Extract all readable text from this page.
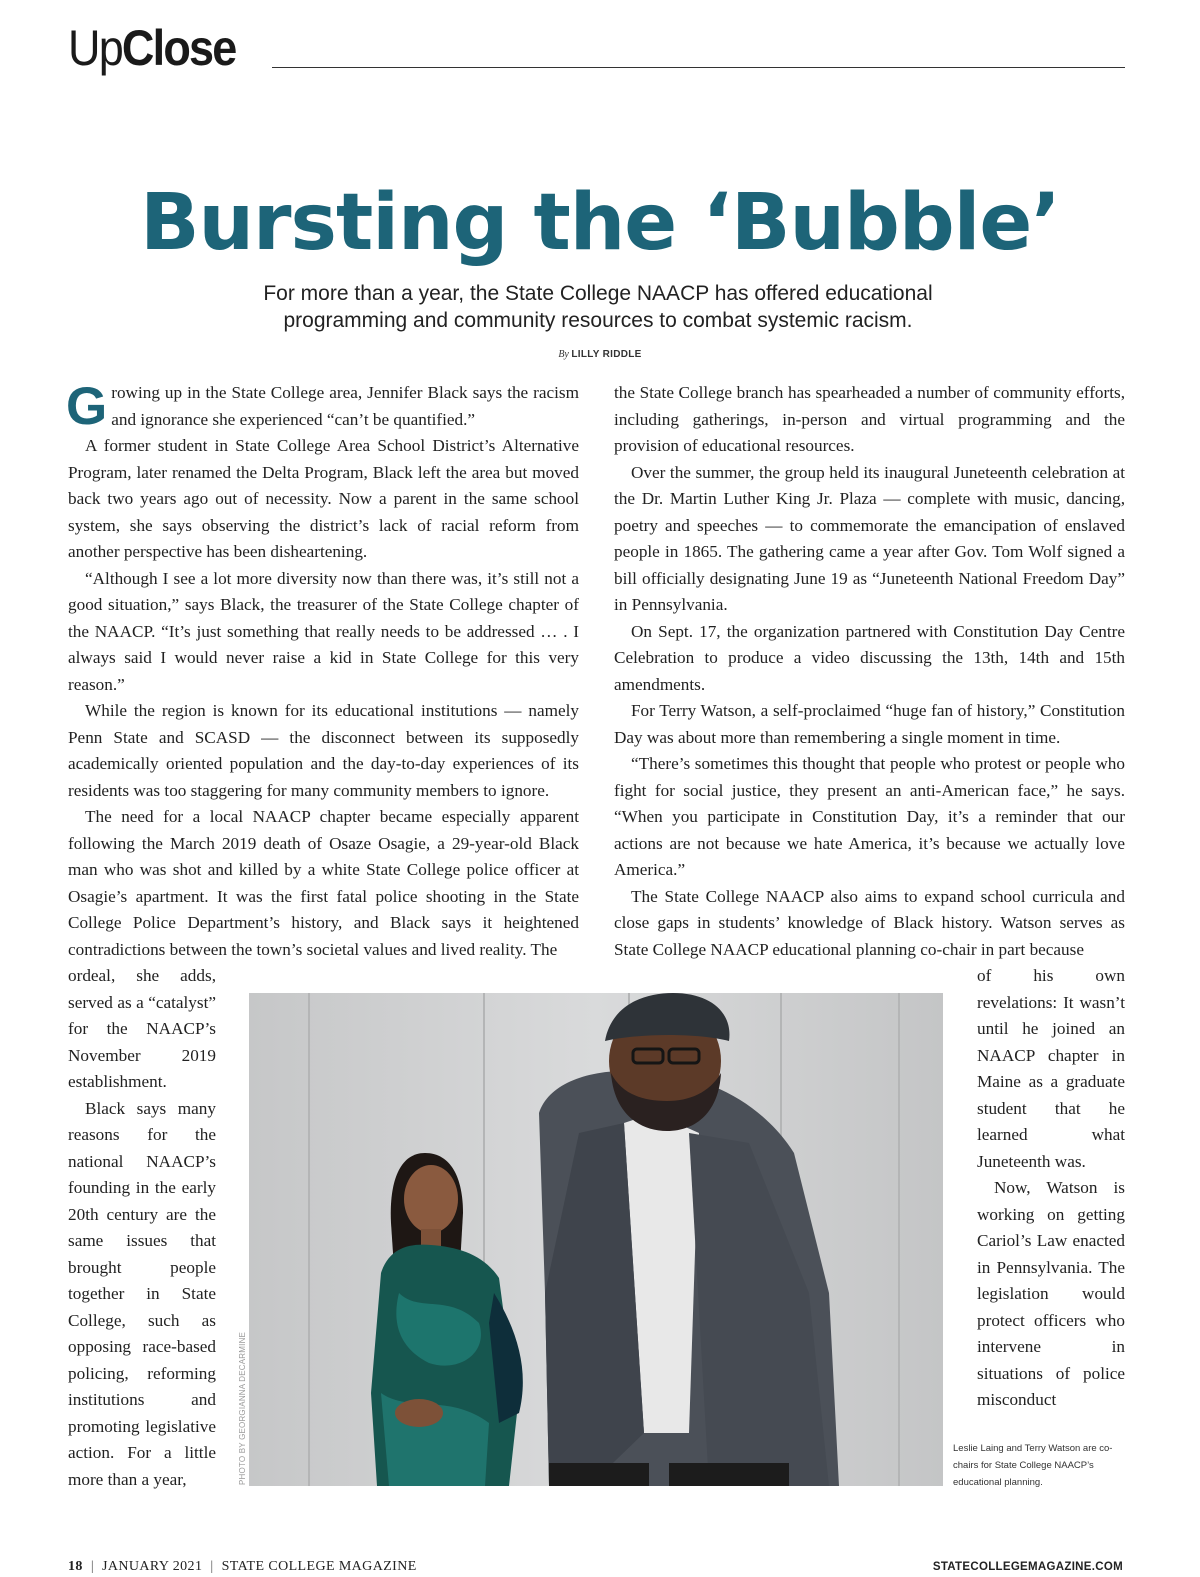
UpClose
Bursting the ‘Bubble’
For more than a year, the State College NAACP has offered educational
programming and community resources to combat systemic racism.
By LILLY RIDDLE

Growing up in the State College area, Jennifer Black says the racism and ignorance she experienced “can’t be quantified.”

A former student in State College Area School District’s Alternative Program, later renamed the Delta Program, Black left the area but moved back two years ago out of necessity. Now a parent in the same school system, she says observing the district’s lack of racial reform from another perspective has been disheartening.

“Although I see a lot more diversity now than there was, it’s still not a good situation,” says Black, the treasurer of the State College chapter of the NAACP. “It’s just something that really needs to be addressed … . I always said I would never raise a kid in State College for this very reason.”

While the region is known for its educational institutions — namely Penn State and SCASD — the disconnect between its supposedly academically oriented population and the day-to-day experiences of its residents was too staggering for many community members to ignore.

The need for a local NAACP chapter became especially apparent following the March 2019 death of Osaze Osagie, a 29-year-old Black man who was shot and killed by a white State College police officer at Osagie’s apartment. It was the first fatal police shooting in the State College Police Department’s history, and Black says it heightened contradictions between the town’s societal values and lived reality. The

ordeal, she adds, served as a “catalyst” for the NAACP’s November 2019 establishment.

Black says many reasons for the national NAACP’s founding in the early 20th century are the same issues that brought people together in State College, such as opposing race-based policing, reforming institutions and promoting legislative action. For a little more than a year,

the State College branch has spearheaded a number of community efforts, including gatherings, in-person and virtual programming and the provision of educational resources.

Over the summer, the group held its inaugural Juneteenth celebration at the Dr. Martin Luther King Jr. Plaza — complete with music, dancing, poetry and speeches — to commemorate the emancipation of enslaved people in 1865. The gathering came a year after Gov. Tom Wolf signed a bill officially designating June 19 as “Juneteenth National Freedom Day” in Pennsylvania.

On Sept. 17, the organization partnered with Constitution Day Centre Celebration to produce a video discussing the 13th, 14th and 15th amendments.

For Terry Watson, a self-proclaimed “huge fan of history,” Constitution Day was about more than remembering a single moment in time.

“There’s sometimes this thought that people who protest or people who fight for social justice, they present an anti-American face,” he says. “When you participate in Constitution Day, it’s a reminder that our actions are not because we hate America, it’s because we actually love America.”

The State College NAACP also aims to expand school curricula and close gaps in students’ knowledge of Black history. Watson serves as State College NAACP educational planning co-chair in part because

of his own revelations: It wasn’t until he joined an NAACP chapter in Maine as a graduate student that he learned what Juneteenth was.

Now, Watson is working on getting Cariol’s Law enacted in Pennsylvania. The legislation would protect officers who intervene in situations of police misconduct

PHOTO BY GEORGIANNA DECARMINE	Leslie Laing and Terry Watson are co-chairs for State College NAACP’s educational planning.
18 | JANUARY 2021 | STATE COLLEGE MAGAZINE	STATECOLLEGEMAGAZINE.COM
